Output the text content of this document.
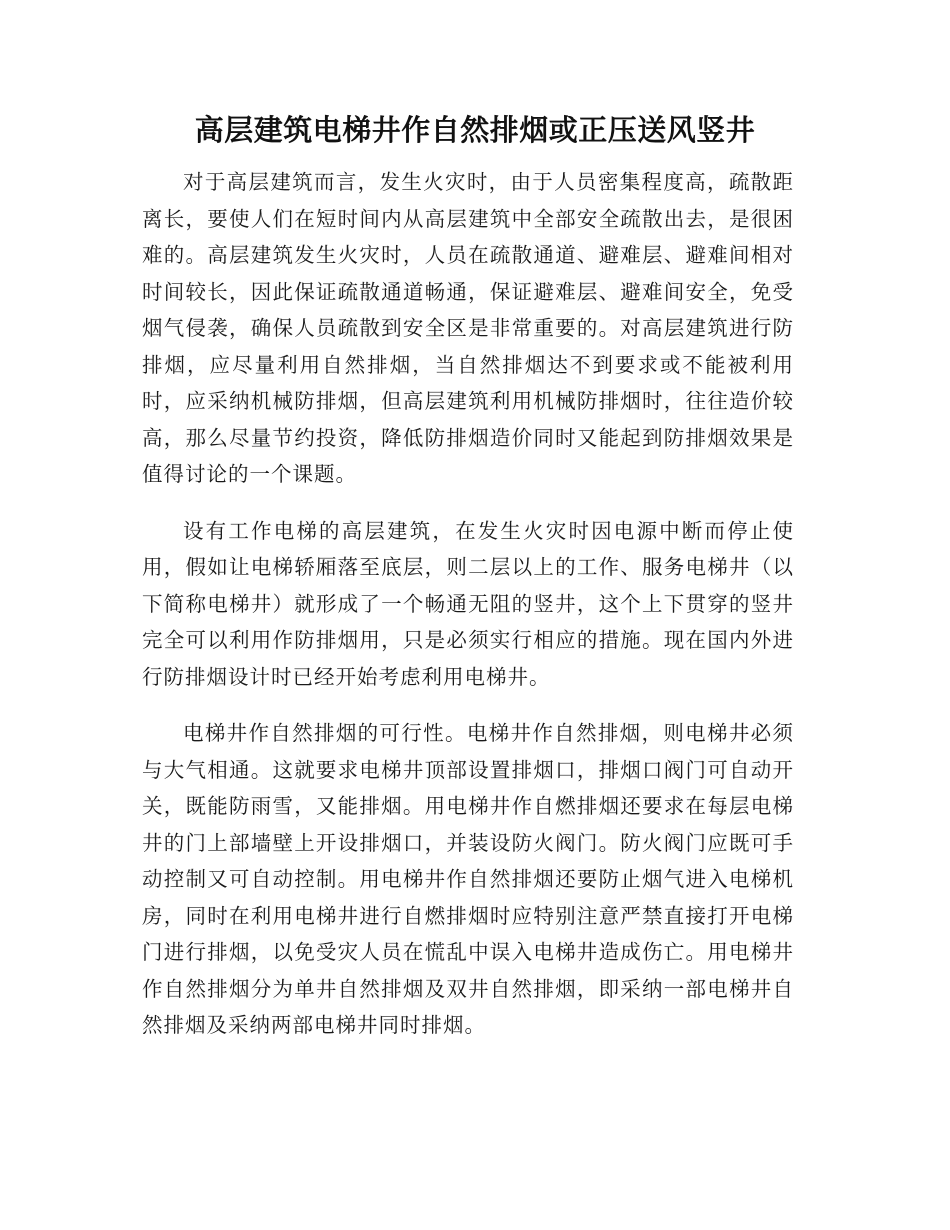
高层建筑电梯井作自然排烟或正压送风竖井

对于高层建筑而言，发生火灾时，由于人员密集程度高，疏散距离长，要使人们在短时间内从高层建筑中全部安全疏散出去，是很困难的。高层建筑发生火灾时，人员在疏散通道、避难层、避难间相对时间较长，因此保证疏散通道畅通，保证避难层、避难间安全，免受烟气侵袭，确保人员疏散到安全区是非常重要的。对高层建筑进行防排烟，应尽量利用自然排烟，当自然排烟达不到要求或不能被利用时，应采纳机械防排烟，但高层建筑利用机械防排烟时，往往造价较高，那么尽量节约投资，降低防排烟造价同时又能起到防排烟效果是值得讨论的一个课题。

设有工作电梯的高层建筑，在发生火灾时因电源中断而停止使用，假如让电梯轿厢落至底层，则二层以上的工作、服务电梯井（以下简称电梯井）就形成了一个畅通无阻的竖井，这个上下贯穿的竖井完全可以利用作防排烟用，只是必须实行相应的措施。现在国内外进行防排烟设计时已经开始考虑利用电梯井。

电梯井作自然排烟的可行性。电梯井作自然排烟，则电梯井必须与大气相通。这就要求电梯井顶部设置排烟口，排烟口阀门可自动开关，既能防雨雪，又能排烟。用电梯井作自燃排烟还要求在每层电梯井的门上部墙壁上开设排烟口，并装设防火阀门。防火阀门应既可手动控制又可自动控制。用电梯井作自然排烟还要防止烟气进入电梯机房，同时在利用电梯井进行自燃排烟时应特别注意严禁直接打开电梯门进行排烟，以免受灾人员在慌乱中误入电梯井造成伤亡。用电梯井作自然排烟分为单井自然排烟及双井自然排烟，即采纳一部电梯井自然排烟及采纳两部电梯井同时排烟。
